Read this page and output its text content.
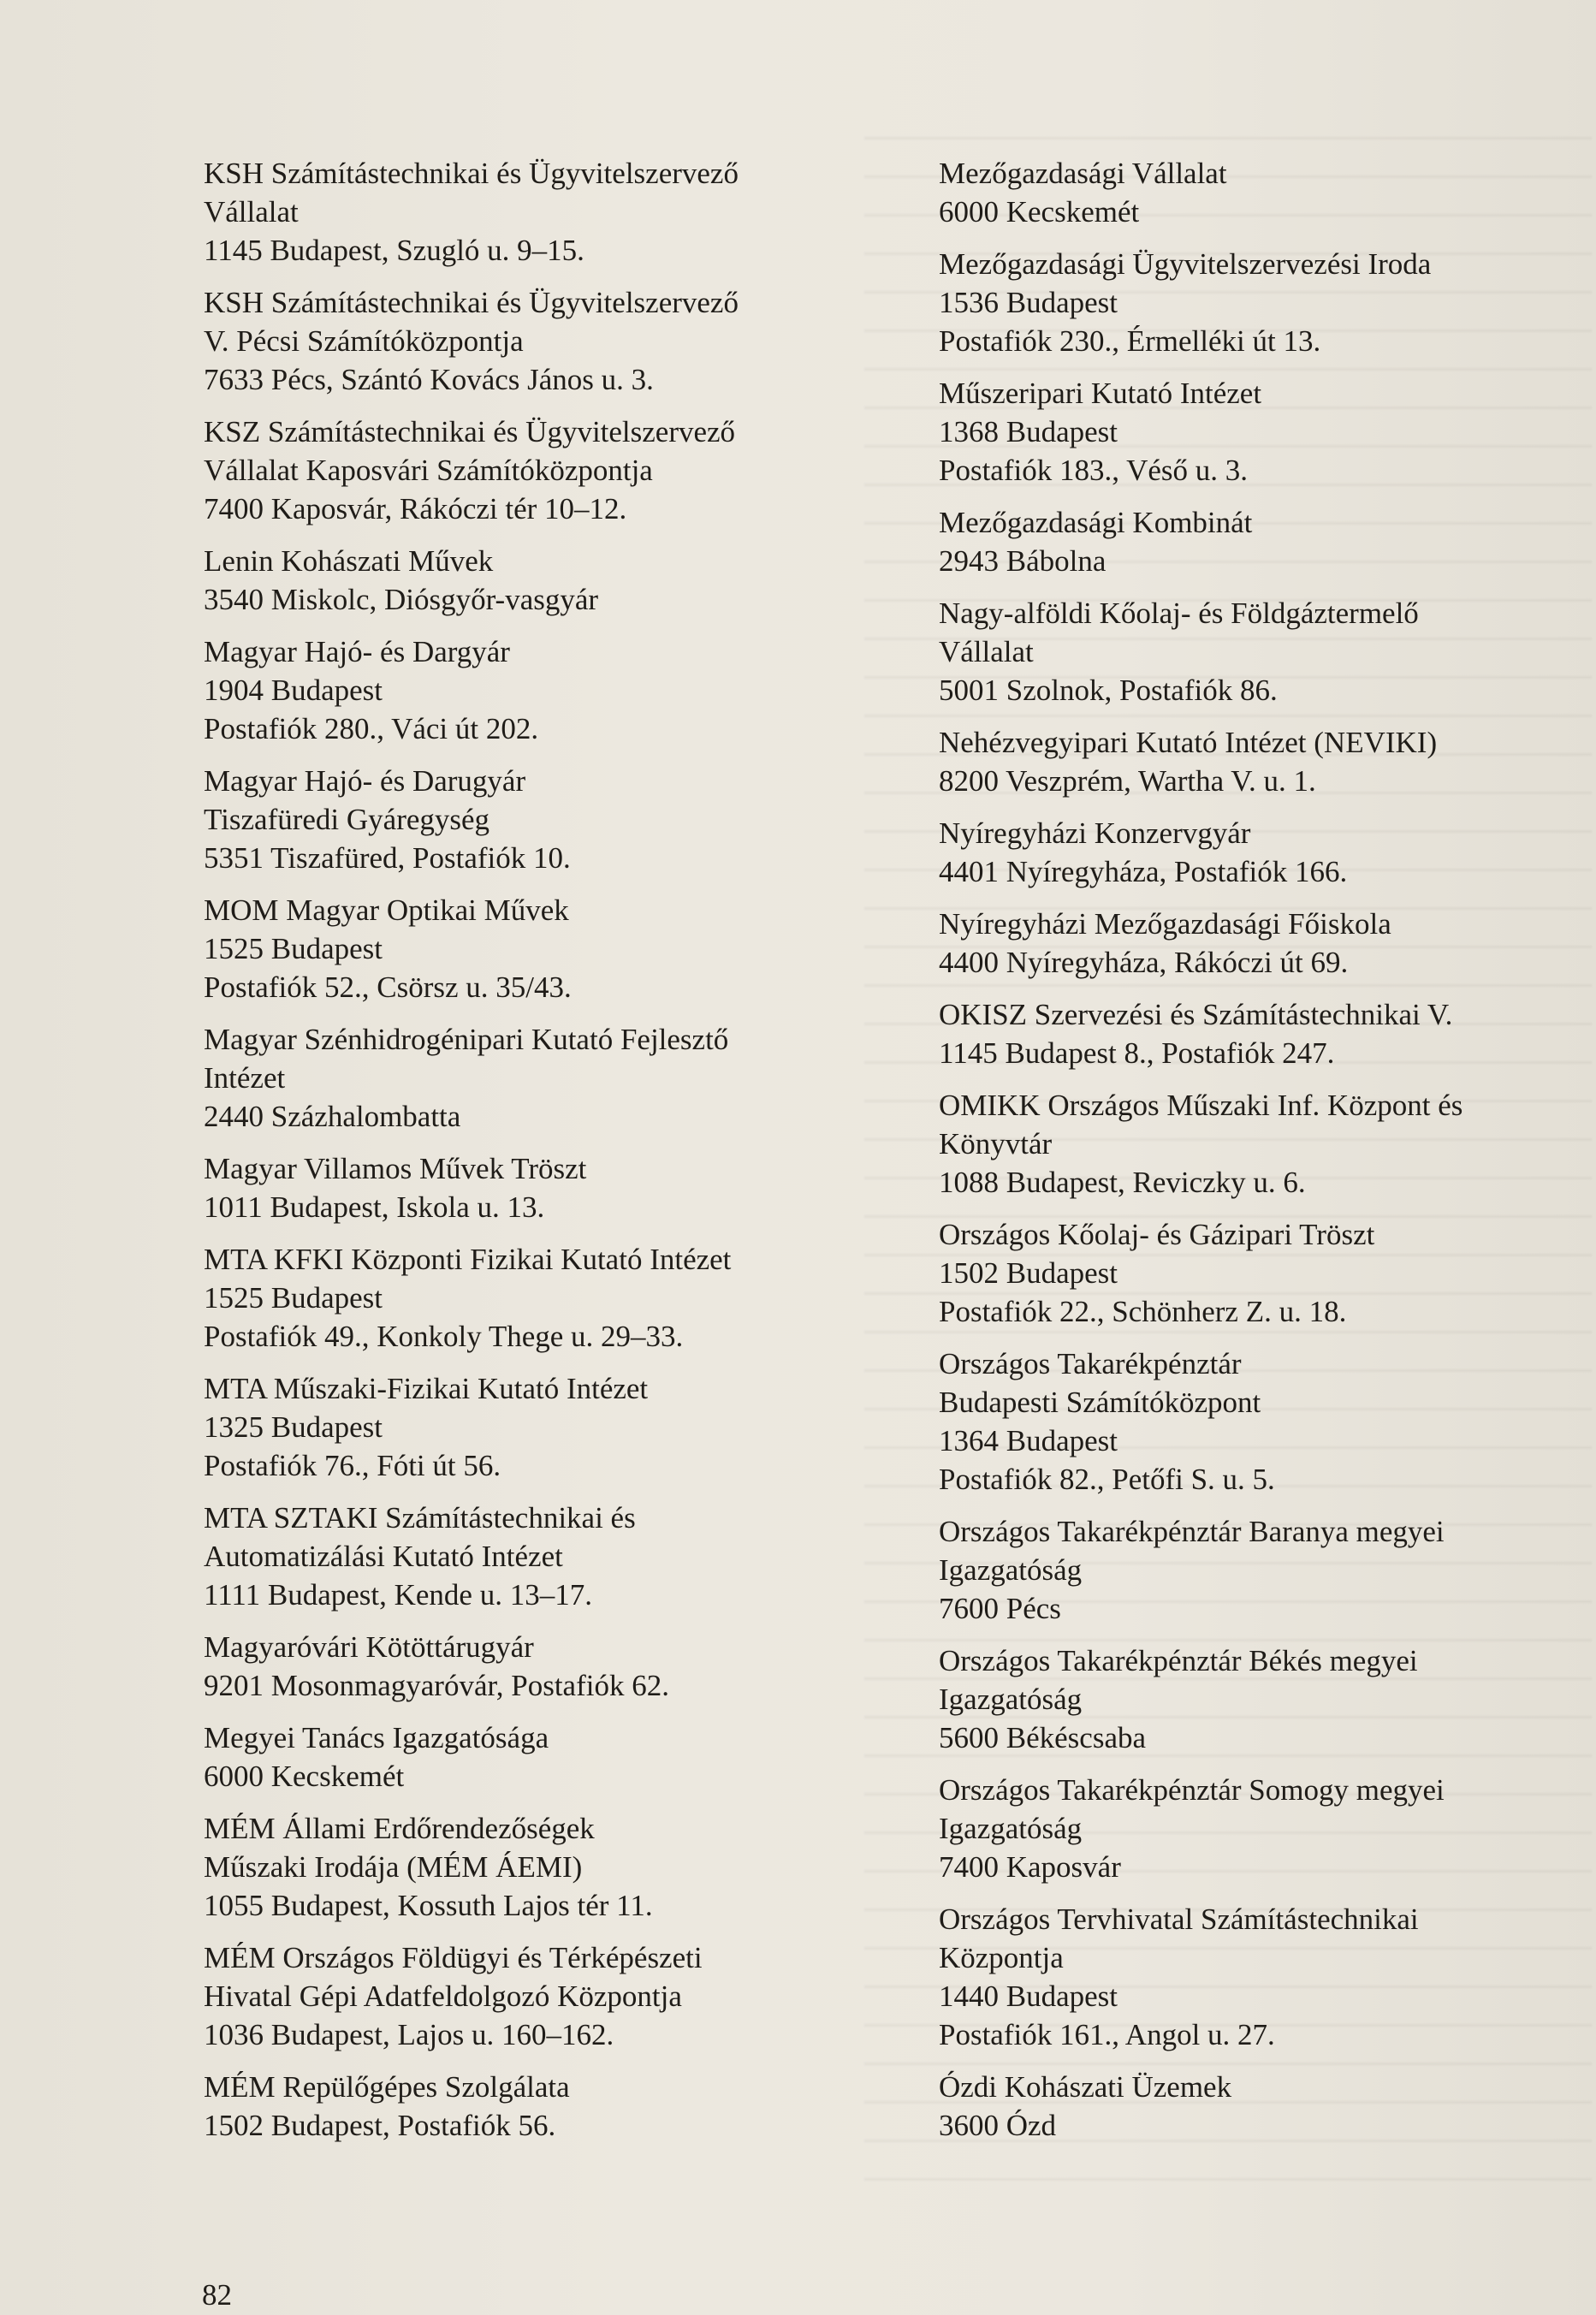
KSH Számítástechnikai és Ügyvitelszervező
Vállalat
1145 Budapest, Szugló u. 9–15.
KSH Számítástechnikai és Ügyvitelszervező
V. Pécsi Számítóközpontja
7633 Pécs, Szántó Kovács János u. 3.
KSZ Számítástechnikai és Ügyvitelszervező
Vállalat Kaposvári Számítóközpontja
7400 Kaposvár, Rákóczi tér 10–12.
Lenin Kohászati Művek
3540 Miskolc, Diósgyőr-vasgyár
Magyar Hajó- és Dargyár
1904 Budapest
Postafiók 280., Váci út 202.
Magyar Hajó- és Darugyár
Tiszafüredi Gyáregység
5351 Tiszafüred, Postafiók 10.
MOM Magyar Optikai Művek
1525 Budapest
Postafiók 52., Csörsz u. 35/43.
Magyar Szénhidrogénipari Kutató Fejlesztő
Intézet
2440 Százhalombatta
Magyar Villamos Művek Tröszt
1011 Budapest, Iskola u. 13.
MTA KFKI Központi Fizikai Kutató Intézet
1525 Budapest
Postafiók 49., Konkoly Thege u. 29–33.
MTA Műszaki-Fizikai Kutató Intézet
1325 Budapest
Postafiók 76., Fóti út 56.
MTA SZTAKI Számítástechnikai és
Automatizálási Kutató Intézet
1111 Budapest, Kende u. 13–17.
Magyaróvári Kötöttárugyár
9201 Mosonmagyaróvár, Postafiók 62.
Megyei Tanács Igazgatósága
6000 Kecskemét
MÉM Állami Erdőrendezőségek
Műszaki Irodája (MÉM ÁEMI)
1055 Budapest, Kossuth Lajos tér 11.
MÉM Országos Földügyi és Térképészeti
Hivatal Gépi Adatfeldolgozó Központja
1036 Budapest, Lajos u. 160–162.
MÉM Repülőgépes Szolgálata
1502 Budapest, Postafiók 56.
Mezőgazdasági Vállalat
6000 Kecskemét
Mezőgazdasági Ügyvitelszervezési Iroda
1536 Budapest
Postafiók 230., Érmelléki út 13.
Műszeripari Kutató Intézet
1368 Budapest
Postafiók 183., Véső u. 3.
Mezőgazdasági Kombinát
2943 Bábolna
Nagy-alföldi Kőolaj- és Földgáztermelő
Vállalat
5001 Szolnok, Postafiók 86.
Nehézvegyipari Kutató Intézet (NEVIKI)
8200 Veszprém, Wartha V. u. 1.
Nyíregyházi Konzervgyár
4401 Nyíregyháza, Postafiók 166.
Nyíregyházi Mezőgazdasági Főiskola
4400 Nyíregyháza, Rákóczi út 69.
OKISZ Szervezési és Számítástechnikai V.
1145 Budapest 8., Postafiók 247.
OMIKK Országos Műszaki Inf. Központ és
Könyvtár
1088 Budapest, Reviczky u. 6.
Országos Kőolaj- és Gázipari Tröszt
1502 Budapest
Postafiók 22., Schönherz Z. u. 18.
Országos Takarékpénztár
Budapesti Számítóközpont
1364 Budapest
Postafiók 82., Petőfi S. u. 5.
Országos Takarékpénztár Baranya megyei
Igazgatóság
7600 Pécs
Országos Takarékpénztár Békés megyei
Igazgatóság
5600 Békéscsaba
Országos Takarékpénztár Somogy megyei
Igazgatóság
7400 Kaposvár
Országos Tervhivatal Számítástechnikai
Központja
1440 Budapest
Postafiók 161., Angol u. 27.
Ózdi Kohászati Üzemek
3600 Ózd
82
